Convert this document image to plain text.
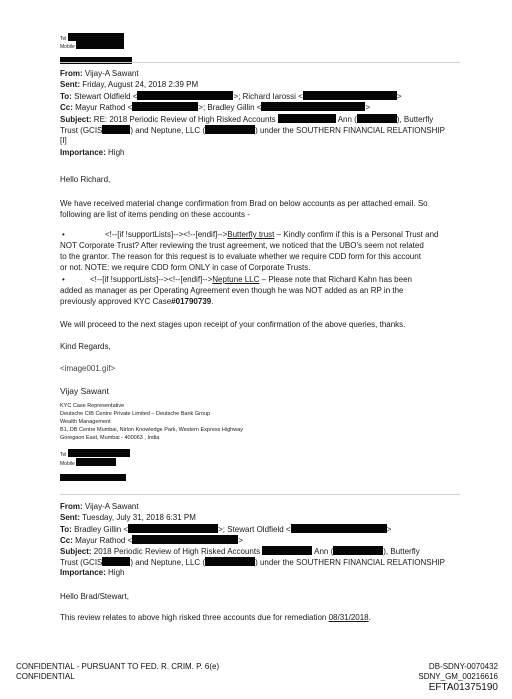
Tel
Mobile
From: Vijay-A Sawant
Sent: Friday, August 24, 2018 2:39 PM
To: Stewart Oldfield <	>; Richard Iarossi <	>
Cc: Mayur Rathod <	>; Bradley Gillin <	>
Subject: RE: 2018 Periodic Review of High Risked Accounts	Ann (	), Butterfly
Trust (GCIS	) and Neptune, LLC (	) under the SOUTHERN FINANCIAL RELATIONSHIP
[I]
Importance: High
Hello Richard,
We have received material change confirmation from Brad on below accounts as per attached email. So
following are list of items pending on these accounts -
•	<!--[if !supportLists]--><!--[endif]-->Butterfly trust – Kindly confirm if this is a Personal Trust and
NOT Corporate Trust? After reviewing the trust agreement, we noticed that the UBO's seem not related
to the grantor. The reason for this request is to evaluate whether we require CDD form for this account
or not. NOTE: we require CDD form ONLY in case of Corporate Trusts.
•	<!--[if !supportLists]--><!--[endif]-->Neptune LLC – Please note that Richard Kahn has been
added as manager as per Operating Agreement even though he was NOT added as an RP in the
previously approved KYC Case#01790739.
We will proceed to the next stages upon receipt of your confirmation of the above queries, thanks.
Kind Regards,
<image001.gif>
Vijay Sawant
KYC Case Representative
Deutsche CIB Centre Private Limited – Deutsche Bank Group
Wealth Management
B1, DB Centre Mumbai, Nirlon Knowledge Park, Western Express Highway
Goregaon East, Mumbai - 400063 , India
Tel
Mobile
From: Vijay-A Sawant
Sent: Tuesday, July 31, 2018 6:31 PM
To: Bradley Gillin <	>; Stewart Oldfield <	>
Cc: Mayur Rathod <	>
Subject: 2018 Periodic Review of High Risked Accounts	Ann (	), Butterfly
Trust (GCIS	) and Neptune, LLC (	) under the SOUTHERN FINANCIAL RELATIONSHIP
Importance: High
Hello Brad/Stewart,
This review relates to above high risked three accounts due for remediation 08/31/2018.
CONFIDENTIAL - PURSUANT TO FED. R. CRIM. P. 6(e)
CONFIDENTIAL
DB-SDNY-0070432
SDNY_GM_00216616
EFTA01375190
